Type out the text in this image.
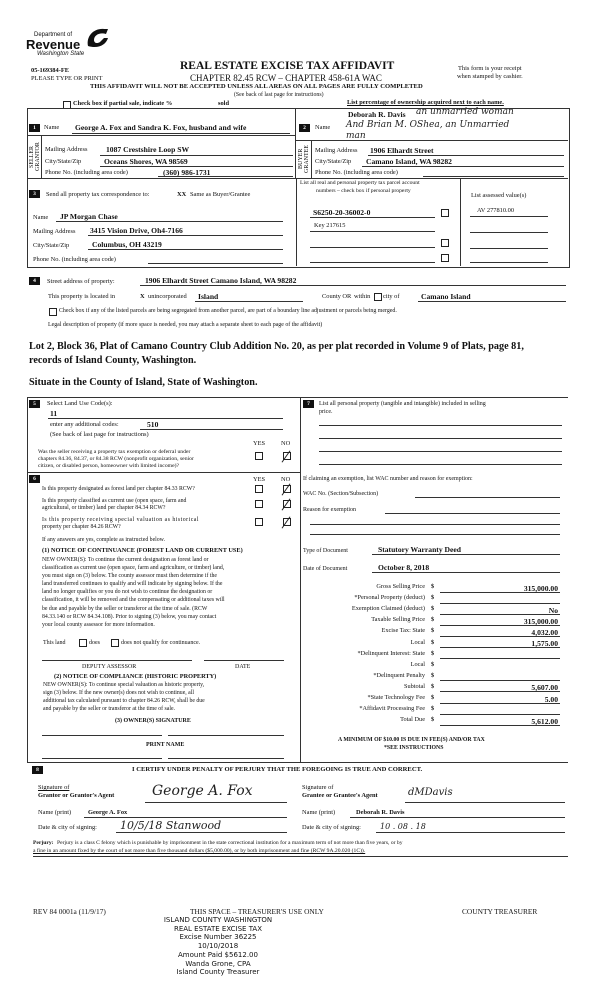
Department of
Revenue
Washington State
05-169384-FE
PLEASE TYPE OR PRINT
REAL ESTATE EXCISE TAX AFFIDAVIT
CHAPTER 82.45 RCW – CHAPTER 458-61A WAC
This form is your receipt
when stamped by cashier.
THIS AFFIDAVIT WILL NOT BE ACCEPTED UNLESS ALL AREAS ON ALL PAGES ARE FULLY COMPLETED
(See back of last page for instructions)
Check box if partial sale, indicate %	sold	List percentage of ownership acquired next to each name.
1	Name George A. Fox and Sandra K. Fox, husband and wife
SELLER GRANTOR Mailing Address 1087 Crestshire Loop SW
City/State/Zip	Oceans Shores, WA 98569
Phone No. (including area code)	(360) 986-1731
Deborah R. Davis an unmarried woman
2	Name And Brian M. OShea, an Unmarried
man
BUYER GRANTEE Mailing Address 1906 Elhardt Street
City/State/Zip Camano Island, WA 98282
Phone No. (including area code)
3	Send all property tax correspondence to:	XX Same as Buyer/Grantee
Name JP Morgan Chase
Mailing Address 3415 Vision Drive, Oh4-7166
City/State/Zip	Columbus, OH 43219
Phone No. (including area code)
List all real and personal property tax parcel account
numbers – check box if personal property
S6250-20-36002-0
Key 217615
List assessed value(s)
AV 277810.00
4	Street address of property:	1906 Elhardt Street Camano Island, WA 98282
This property is located in	X unincorporated Island	County OR within city of	Camano Island
Check box if any of the listed parcels are being segregated from another parcel, are part of a boundary line adjustment or parcels being merged.
Legal description of property (if more space is needed, you may attach a separate sheet to each page of the affidavit)
Lot 2, Block 36, Plat of Camano Country Club Addition No. 20, as per plat recorded in Volume 9 of Plats, page 81,
records of Island County, Washington.
Situate in the County of Island, State of Washington.
5	Select Land Use Code(s):
11
enter any additional codes:	510
(See back of last page for instructions)
YES NO
Was the seller receiving a property tax exemption or deferral under
chapters 84.36, 84.37, or 84.38 RCW (nonprofit organization, senior
citizen, or disabled person, homeowner with limited income)?
6	YES NO
Is this property designated as forest land per chapter 84.33 RCW?
Is this property classified as current use (open space, farm and
agricultural, or timber) land per chapter 84.34 RCW?
Is this property receiving special valuation as historical
property per chapter 84.26 RCW?
If any answers are yes, complete as instructed below.
(1) NOTICE OF CONTINUANCE (FOREST LAND OR CURRENT USE)
NEW OWNER(S): To continue the current designation as forest land or
classification as current use (open space, farm and agriculture, or timber) land,
you must sign on (3) below. The county assessor must then determine if the
land transferred continues to qualify and will indicate by signing below. If the
land no longer qualifies or you do not wish to continue the designation or
classification, it will be removed and the compensating or additional taxes will
be due and payable by the seller or transferor at the time of sale. (RCW
84.33.140 or RCW 84.34.108). Prior to signing (3) below, you may contact
your local county assessor for more information.
This land	does	does not qualify for continuance.
DEPUTY ASSESSOR	DATE
(2) NOTICE OF COMPLIANCE (HISTORIC PROPERTY)
NEW OWNER(S): To continue special valuation as historic property,
sign (3) below. If the new owner(s) does not wish to continue, all
additional tax calculated pursuant to chapter 84.26 RCW, shall be due
and payable by the seller or transferor at the time of sale.
(3) OWNER(S) SIGNATURE
PRINT NAME
7	List all personal property (tangible and intangible) included in selling
price.
If claiming an exemption, list WAC number and reason for exemption:
WAC No. (Section/Subsection)
Reason for exemption
Type of Document	Statutory Warranty Deed
Date of Document	October 8, 2018
Gross Selling Price $	315,000.00
*Personal Property (deduct) $
Exemption Claimed (deduct) $	No
Taxable Selling Price $	315,000.00
Excise Tax: State $	4,032.00
Local $	1,575.00
*Delinquent Interest: State $
Local $
*Delinquent Penalty $
Subtotal $	5,607.00
*State Technology Fee $	5.00
*Affidavit Processing Fee $
Total Due $	5,612.00
A MINIMUM OF $10.00 IS DUE IN FEE(S) AND/OR TAX
*SEE INSTRUCTIONS
8	I CERTIFY UNDER PENALTY OF PERJURY THAT THE FOREGOING IS TRUE AND CORRECT.
Signature of
Grantor or Grantor's Agent	George A. Fox	Signature of
Grantee or Grantee's Agent	dMDavis
Name (print)	George A. Fox	Name (print)	Deborah R. Davis
Date & city of signing: 10/5/18 Stanwood	Date & city of signing: 10 . 08 . 18
Perjury: Perjury is a class C felony which is punishable by imprisonment in the state correctional institution for a maximum term of not more than five years, or by
a fine in an amount fixed by the court of not more than five thousand dollars ($5,000.00), or by both imprisonment and fine (RCW 9A.20.020 (1C)).
REV 84 0001a (11/9/17)	THIS SPACE – TREASURER'S USE ONLY	COUNTY TREASURER
ISLAND COUNTY WASHINGTON
REAL ESTATE EXCISE TAX
Excise Number 36225
10/10/2018
Amount Paid $5612.00
Wanda Grone, CPA
Island County Treasurer
